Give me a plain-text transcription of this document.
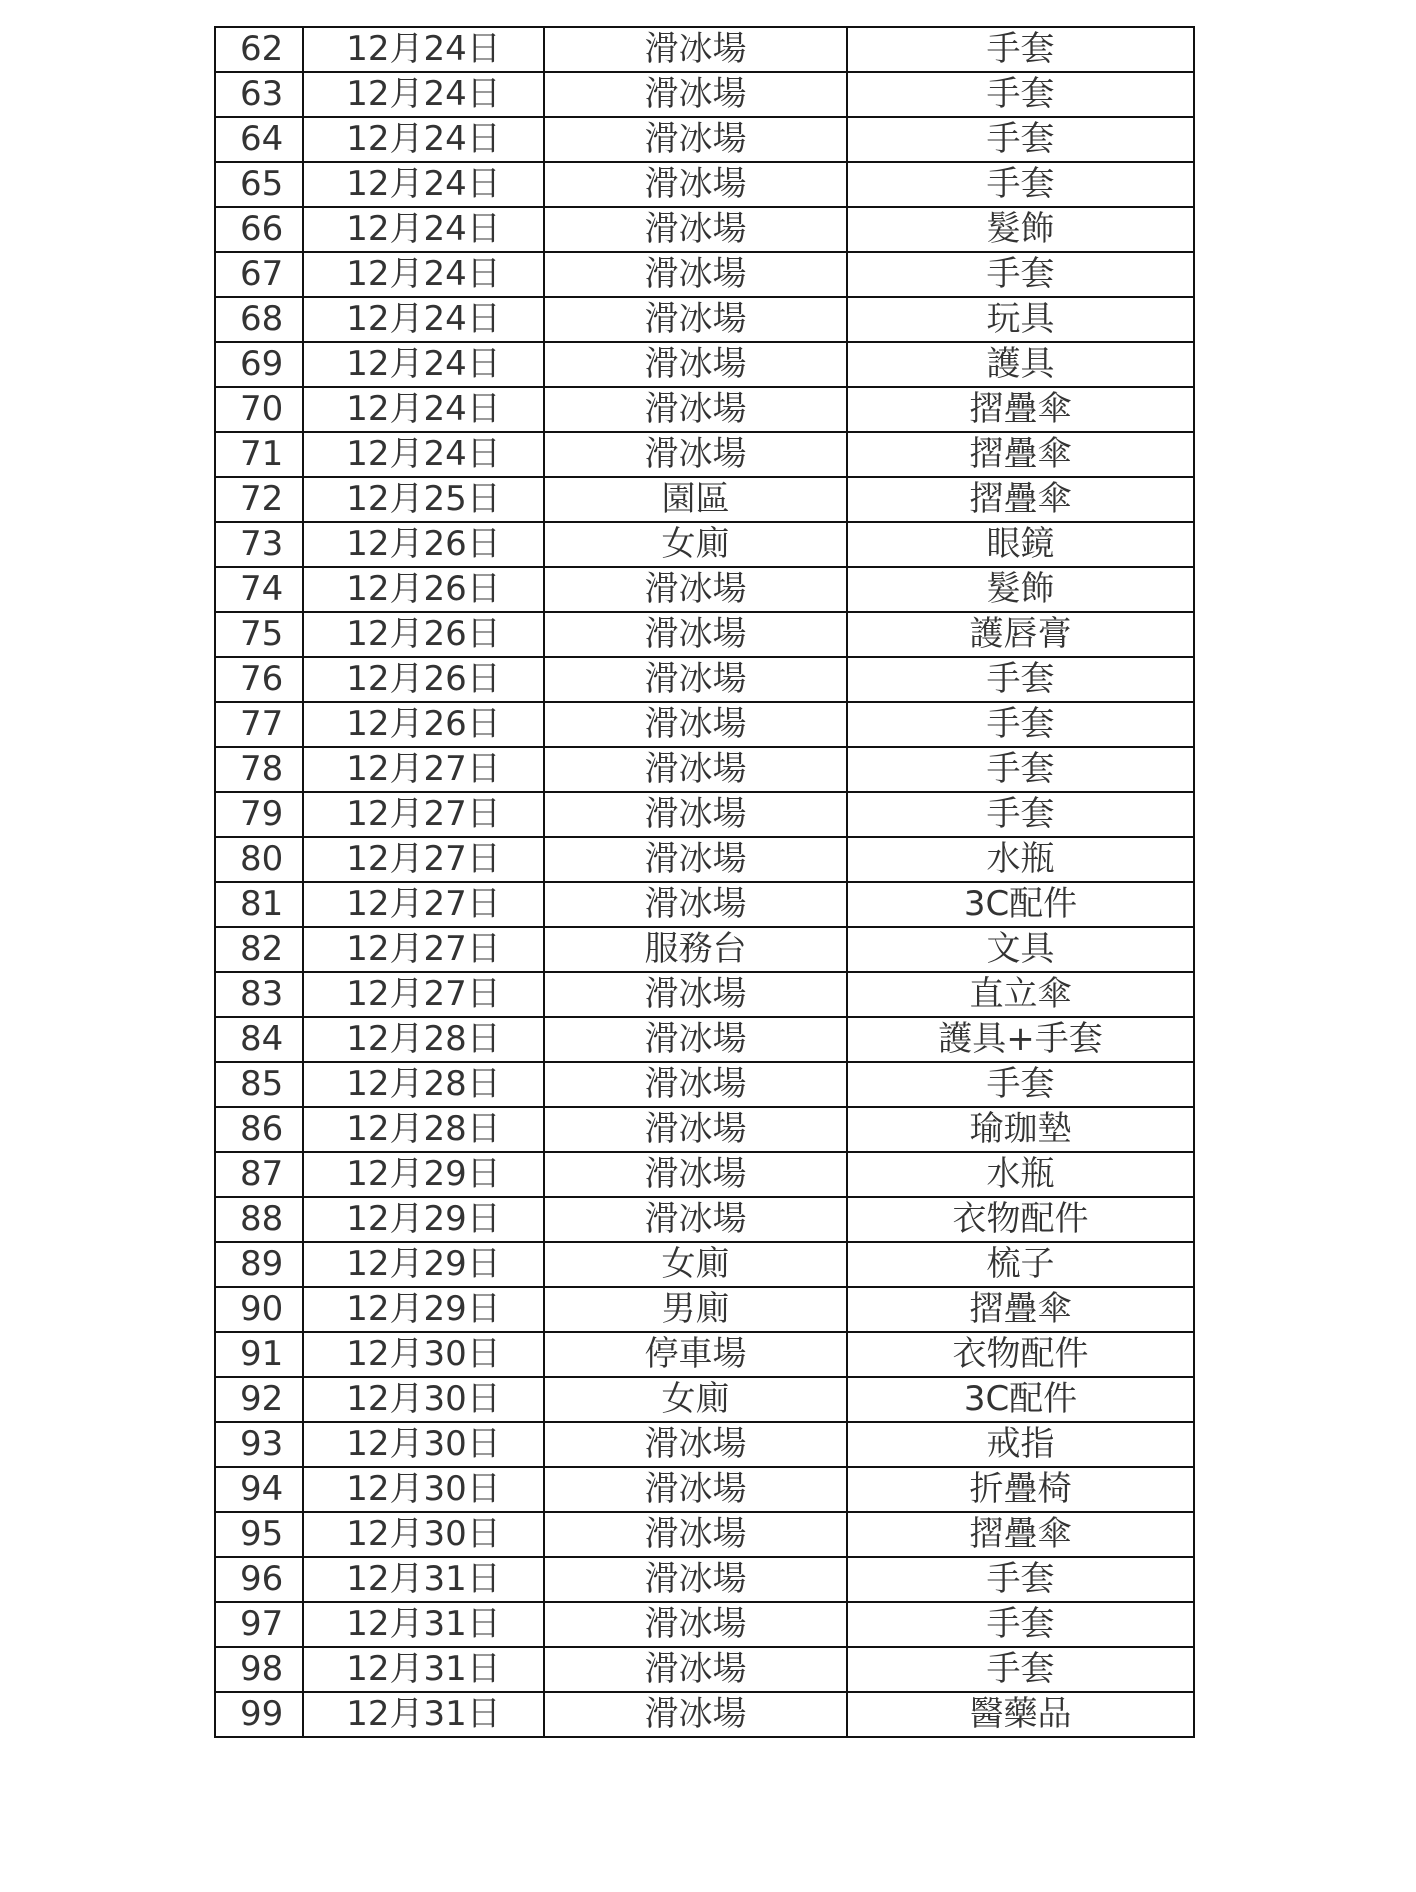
62	12月24日	滑冰場	手套
63	12月24日	滑冰場	手套
64	12月24日	滑冰場	手套
65	12月24日	滑冰場	手套
66	12月24日	滑冰場	髮飾
67	12月24日	滑冰場	手套
68	12月24日	滑冰場	玩具
69	12月24日	滑冰場	護具
70	12月24日	滑冰場	摺疊傘
71	12月24日	滑冰場	摺疊傘
72	12月25日	園區	摺疊傘
73	12月26日	女廁	眼鏡
74	12月26日	滑冰場	髮飾
75	12月26日	滑冰場	護唇膏
76	12月26日	滑冰場	手套
77	12月26日	滑冰場	手套
78	12月27日	滑冰場	手套
79	12月27日	滑冰場	手套
80	12月27日	滑冰場	水瓶
81	12月27日	滑冰場	3C配件
82	12月27日	服務台	文具
83	12月27日	滑冰場	直立傘
84	12月28日	滑冰場	護具+手套
85	12月28日	滑冰場	手套
86	12月28日	滑冰場	瑜珈墊
87	12月29日	滑冰場	水瓶
88	12月29日	滑冰場	衣物配件
89	12月29日	女廁	梳子
90	12月29日	男廁	摺疊傘
91	12月30日	停車場	衣物配件
92	12月30日	女廁	3C配件
93	12月30日	滑冰場	戒指
94	12月30日	滑冰場	折疊椅
95	12月30日	滑冰場	摺疊傘
96	12月31日	滑冰場	手套
97	12月31日	滑冰場	手套
98	12月31日	滑冰場	手套
99	12月31日	滑冰場	醫藥品
